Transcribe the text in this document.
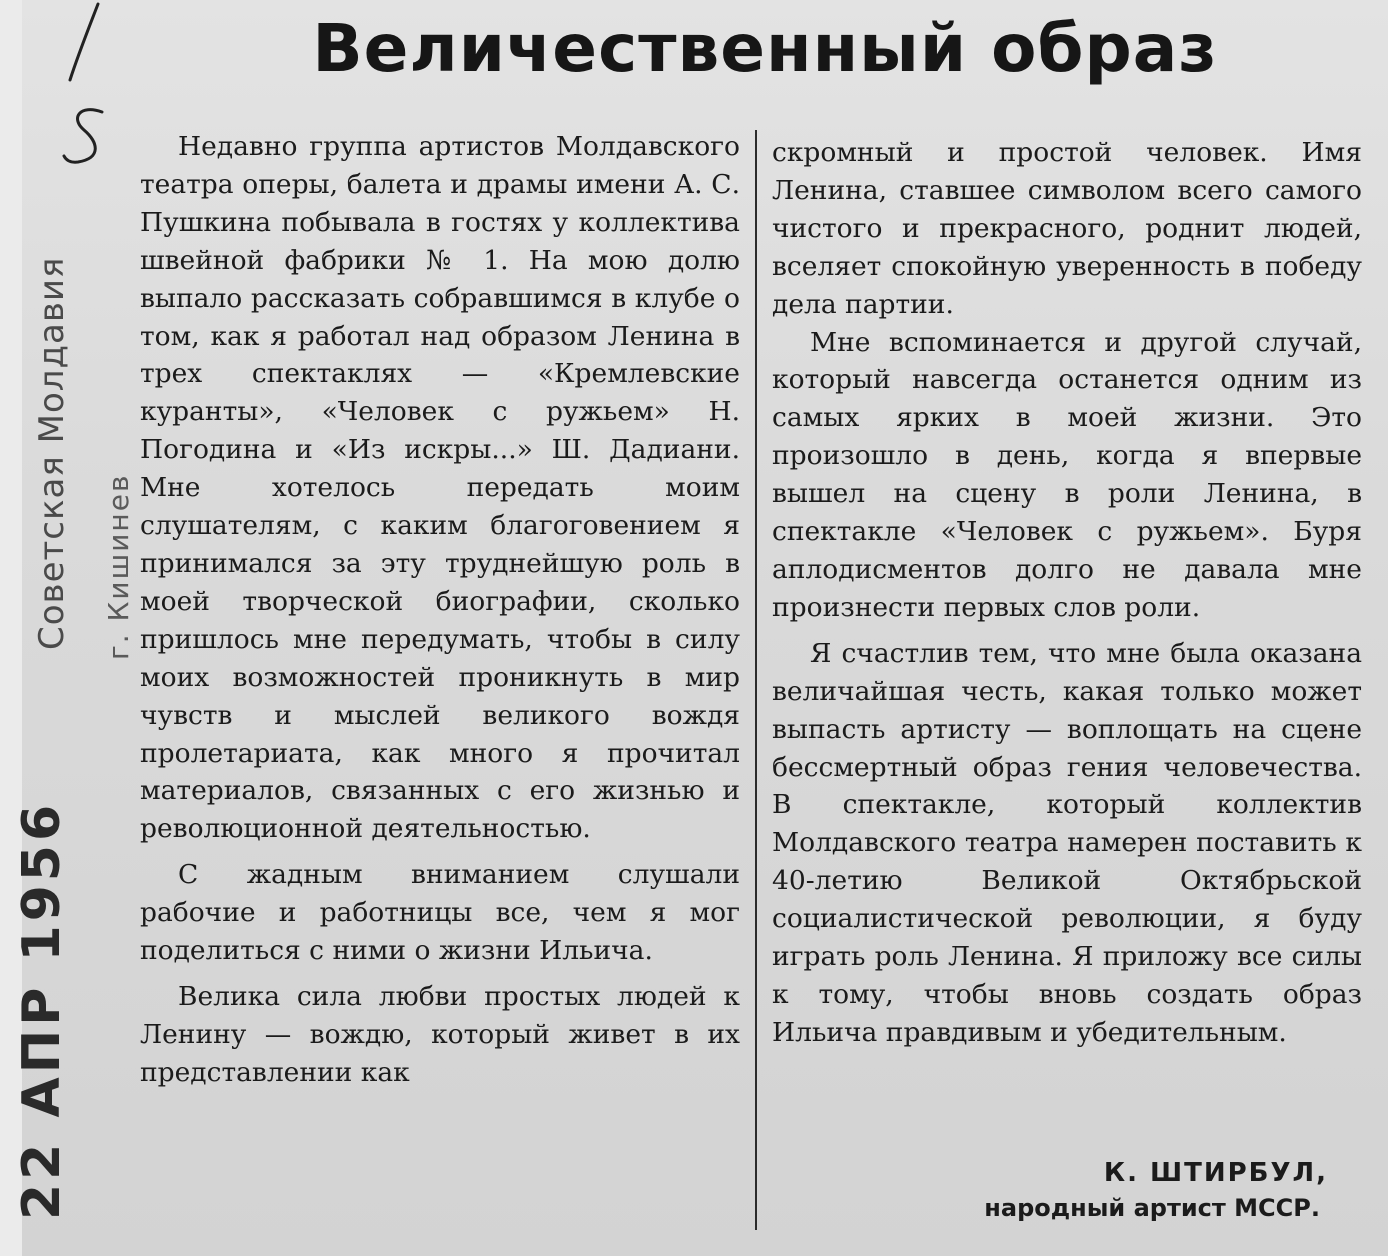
22 АПР 1956
Советская Молдавия г. Кишинев
Величественный образ

Недавно группа артистов Молдавского театра оперы, балета и драмы имени А. С. Пушкина побывала в гостях у коллектива швейной фабрики № 1. На мою долю выпало рассказать собравшимся в клубе о том, как я работал над образом Ленина в трех спектаклях — «Кремлевские куранты», «Человек с ружьем» Н. Погодина и «Из искры...» Ш. Дадиани. Мне хотелось передать моим слушателям, с каким благоговением я принимался за эту труднейшую роль в моей творческой биографии, сколько пришлось мне передумать, чтобы в силу моих возможностей проникнуть в мир чувств и мыслей великого вождя пролетариата, как много я прочитал материалов, связанных с его жизнью и революционной деятельностью.

С жадным вниманием слушали рабочие и работницы все, чем я мог поделиться с ними о жизни Ильича.

Велика сила любви простых людей к Ленину — вождю, который живет в их представлении как

скромный и простой человек. Имя Ленина, ставшее символом всего самого чистого и прекрасного, роднит людей, вселяет спокойную уверенность в победу дела партии.

Мне вспоминается и другой случай, который навсегда останется одним из самых ярких в моей жизни. Это произошло в день, когда я впервые вышел на сцену в роли Ленина, в спектакле «Человек с ружьем». Буря аплодисментов долго не давала мне произнести первых слов роли.

Я счастлив тем, что мне была оказана величайшая честь, какая только может выпасть артисту — воплощать на сцене бессмертный образ гения человечества. В спектакле, который коллектив Молдавского театра намерен поставить к 40-летию Великой Октябрьской социалистической революции, я буду играть роль Ленина. Я приложу все силы к тому, чтобы вновь создать образ Ильича правдивым и убедительным.

К. ШТИРБУЛ,
народный артист МССР.
